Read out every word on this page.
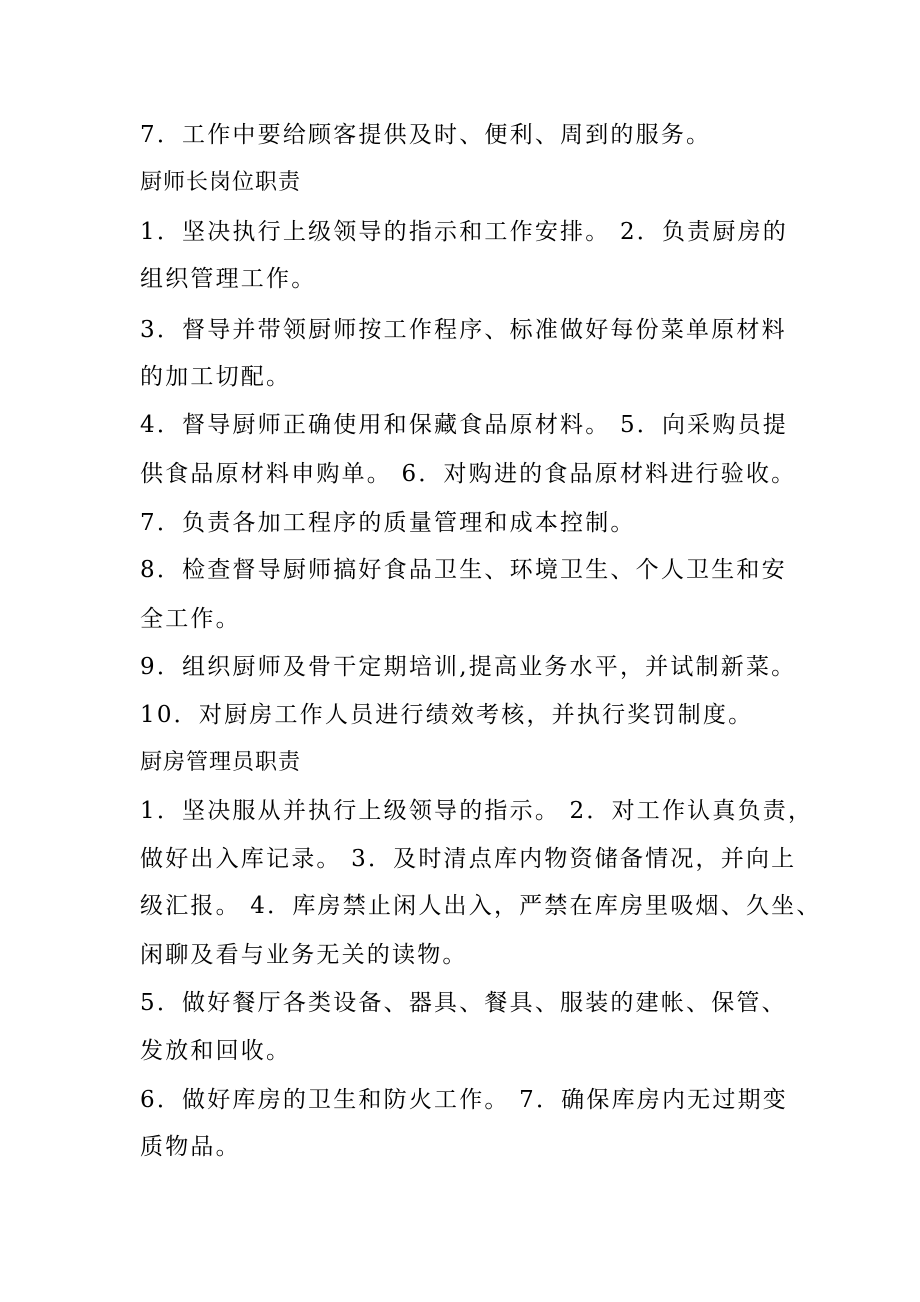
7．工作中要给顾客提供及时、便利、周到的服务。
厨师长岗位职责
1．坚决执行上级领导的指示和工作安排。 2．负责厨房的
组织管理工作。
3．督导并带领厨师按工作程序、标准做好每份菜单原材料
的加工切配。
4．督导厨师正确使用和保藏食品原材料。 5．向采购员提
供食品原材料申购单。 6．对购进的食品原材料进行验收。
7．负责各加工程序的质量管理和成本控制。
8．检查督导厨师搞好食品卫生、环境卫生、个人卫生和安
全工作。
9．组织厨师及骨干定期培训,提高业务水平，并试制新菜。
10．对厨房工作人员进行绩效考核，并执行奖罚制度。
厨房管理员职责
1．坚决服从并执行上级领导的指示。 2．对工作认真负责，
做好出入库记录。 3．及时清点库内物资储备情况，并向上
级汇报。 4．库房禁止闲人出入，严禁在库房里吸烟、久坐、
闲聊及看与业务无关的读物。
5．做好餐厅各类设备、器具、餐具、服装的建帐、保管、
发放和回收。
6．做好库房的卫生和防火工作。 7．确保库房内无过期变
质物品。
